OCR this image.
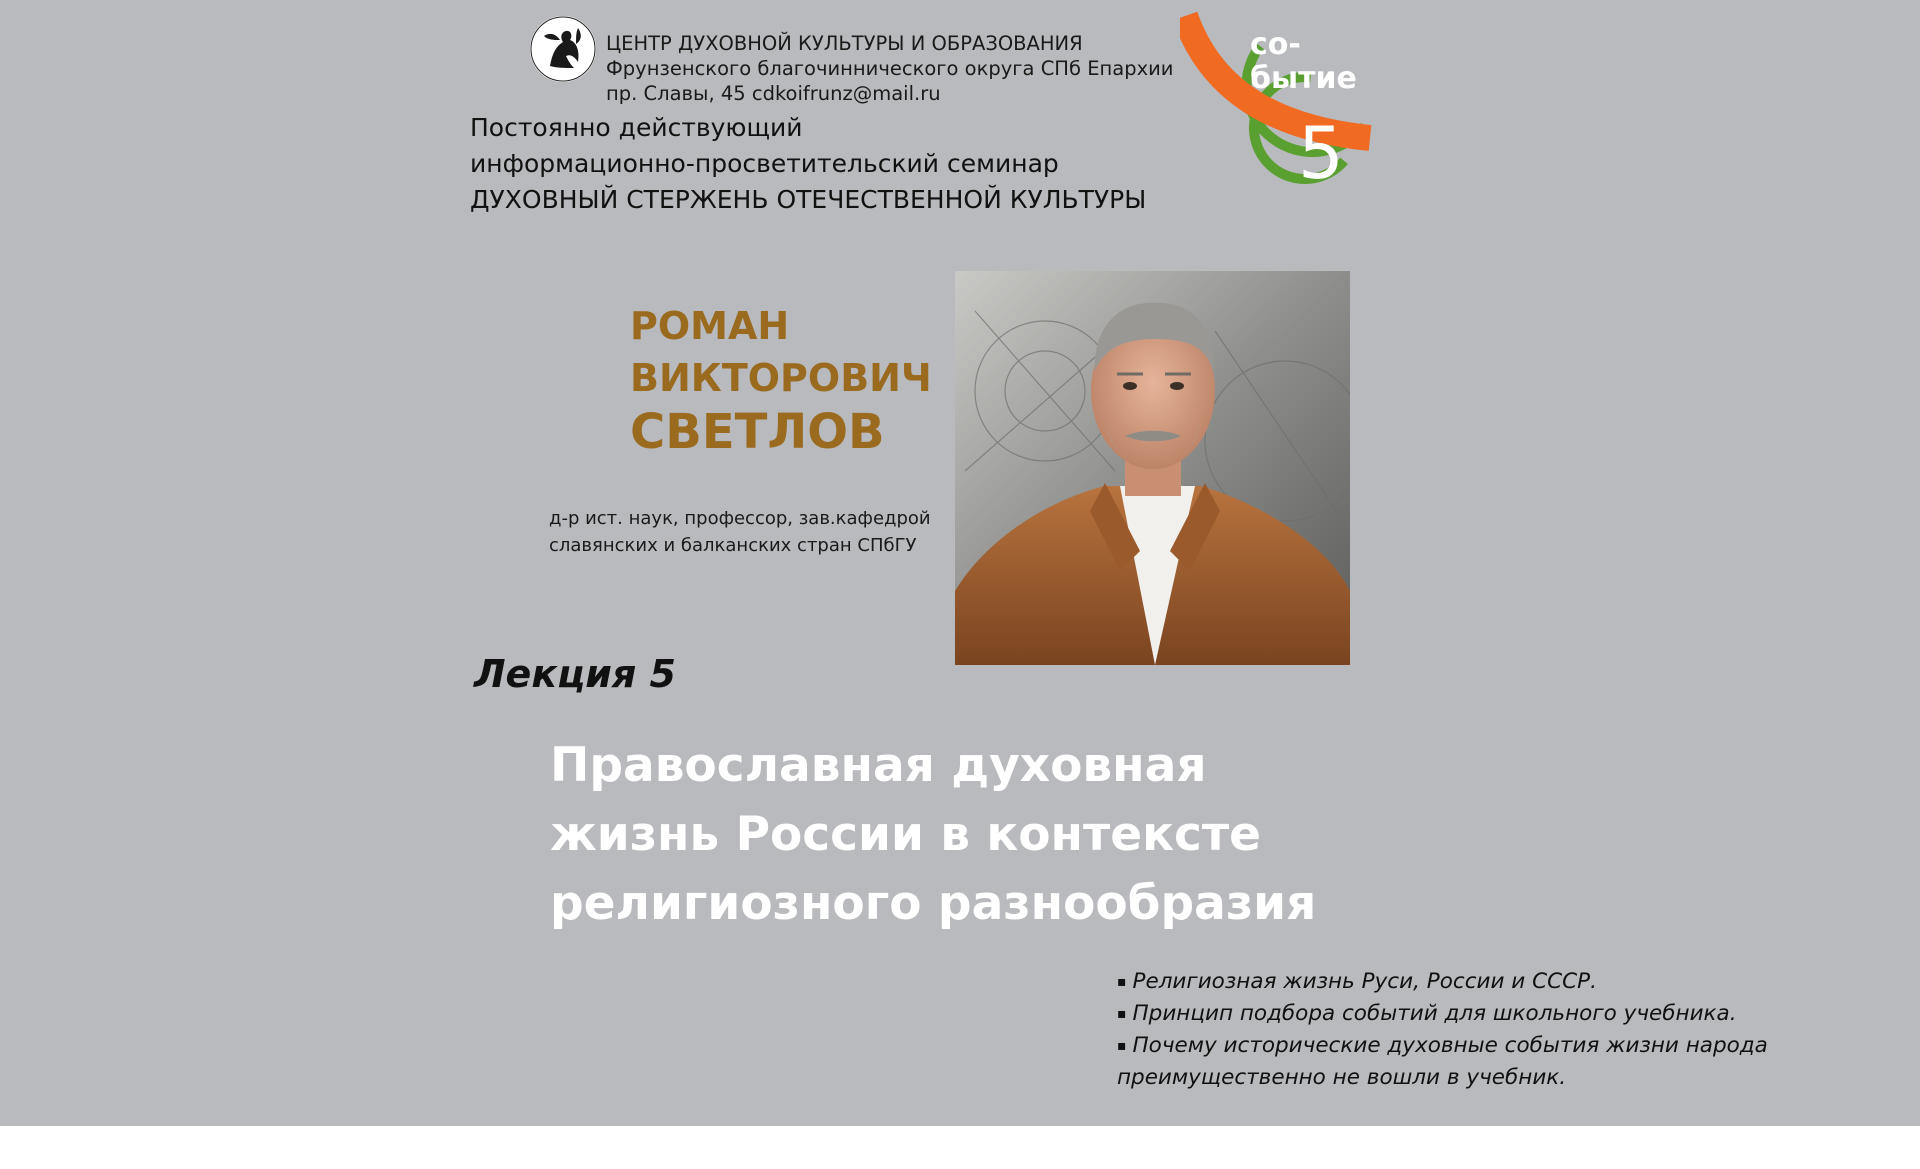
ЦЕНТР ДУХОВНОЙ КУЛЬТУРЫ И ОБРАЗОВАНИЯ
Фрунзенского благочиннического округа СПб Епархии
пр. Славы, 45 cdkoifrunz@mail.ru
Постоянно действующий
информационно-просветительский семинар
ДУХОВНЫЙ СТЕРЖЕНЬ ОТЕЧЕСТВЕННОЙ КУЛЬТУРЫ
со-
бытие
5
РОМАН
ВИКТОРОВИЧ
СВЕТЛОВ
д-р ист. наук, профессор, зав.кафедрой
славянских и балканских стран СПбГУ
Лекция 5
Православная духовная
жизнь России в контексте
религиозного разнообразия
▪ Религиозная жизнь Руси, России и СССР.
▪ Принцип подбора событий для школьного учебника.
▪ Почему исторические духовные события жизни народа
преимущественно не вошли в учебник.
